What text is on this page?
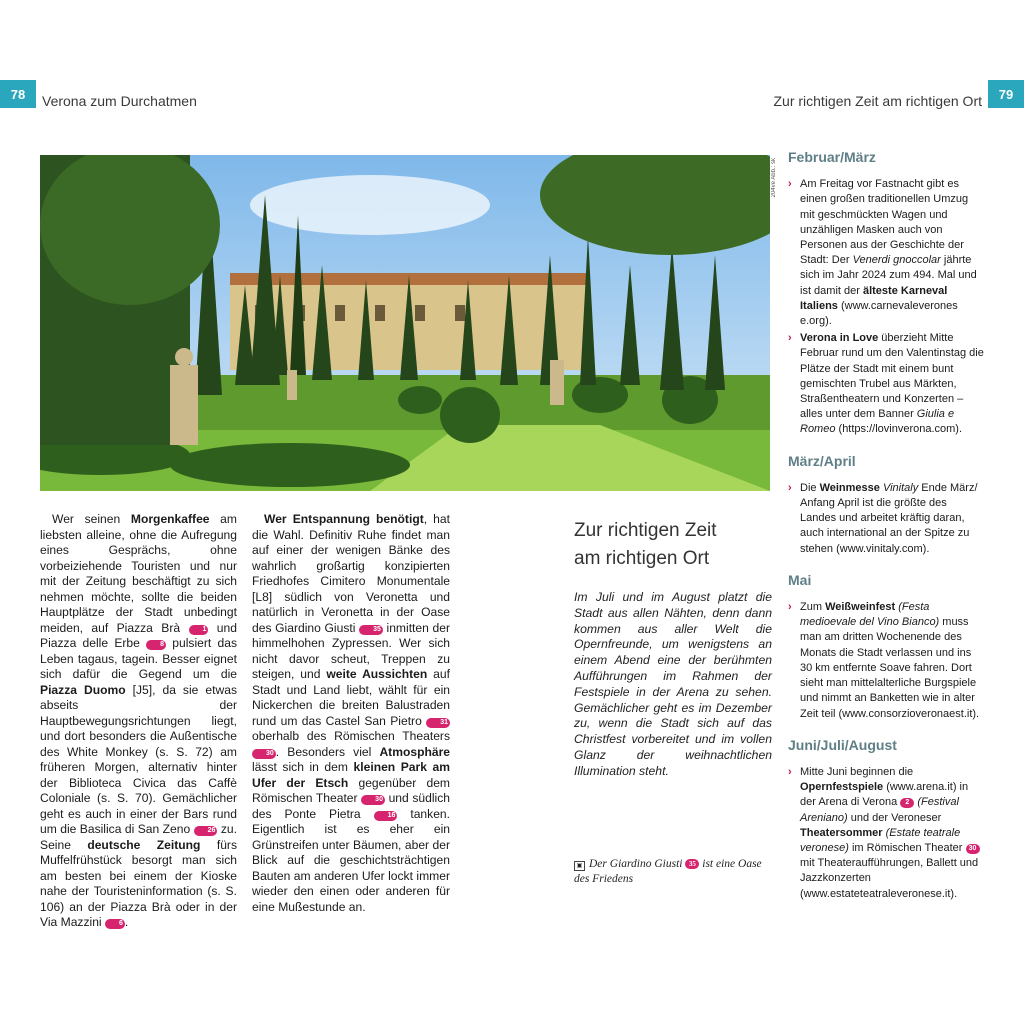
78	Verona zum Durchatmen	Zur richtigen Zeit am richtigen Ort	79
204ve Abb.: sk

Wer seinen Morgenkaffee am liebsten alleine, ohne die Aufregung eines Gesprächs, ohne vorbeiziehende Touristen und nur mit der Zeitung beschäftigt zu sich nehmen möchte, sollte die beiden Hauptplätze der Stadt unbedingt meiden, auf Piazza Brà 1 und Piazza delle Erbe 8 pulsiert das Leben tagaus, tagein. Besser eignet sich dafür die Gegend um die Piazza Duomo [J5], da sie etwas abseits der Hauptbewegungsrichtungen liegt, und dort besonders die Außentische des White Monkey (s. S. 72) am früheren Morgen, alternativ hinter der Biblioteca Civica das Caffè Coloniale (s. S. 70). Gemächlicher geht es auch in einer der Bars rund um die Basilica di San Zeno 26 zu. Seine deutsche Zeitung fürs Muffelfrühstück besorgt man sich am besten bei einem der Kioske nahe der Touristeninformation (s. S. 106) an der Piazza Brà oder in der Via Mazzini 6 .

Wer Entspannung benötigt, hat die Wahl. Definitiv Ruhe findet man auf einer der wenigen Bänke des wahrlich großartig konzipierten Friedhofes Cimitero Monumentale [L8] südlich von Veronetta und natürlich in Veronetta in der Oase des Giardino Giusti 35 inmitten der himmelhohen Zypressen. Wer sich nicht davor scheut, Treppen zu steigen, und weite Aussichten auf Stadt und Land liebt, wählt für ein Nickerchen die breiten Balustraden rund um das Castel San Pietro 31 oberhalb des Römischen Theaters 30 . Besonders viel Atmosphäre lässt sich in dem kleinen Park am Ufer der Etsch gegenüber dem Römischen Theater 30 und südlich des Ponte Pietra 16 tanken. Eigentlich ist es eher ein Grünstreifen unter Bäumen, aber der Blick auf die geschichtsträchtigen Bauten am anderen Ufer lockt immer wieder den einen oder anderen für eine Mußestunde an.

Zur richtigen Zeit
am richtigen Ort
Im Juli und im August platzt die Stadt aus allen Nähten, denn dann kommen aus aller Welt die Opernfreunde, um wenigstens an einem Abend eine der berühmten Aufführungen im Rahmen der Festspiele in der Arena zu sehen. Gemächlicher geht es im Dezember zu, wenn die Stadt sich auf das Christfest vorbereitet und im vollen Glanz der weihnachtlichen Illumination steht.
▣ Der Giardino Giusti 35 ist eine Oase des Friedens
Februar/März
› Am Freitag vor Fastnacht gibt es einen großen traditionellen Umzug mit geschmückten Wagen und unzähligen Masken auch von Personen aus der Geschichte der Stadt: Der Venerdi gnoccolar jährte sich im Jahr 2024 zum 494. Mal und ist damit der älteste Karneval Italiens (www.carnevaleverones e.org).
› Verona in Love überzieht Mitte Februar rund um den Valentinstag die Plätze der Stadt mit einem bunt gemischten Trubel aus Märkten, Straßentheatern und Konzerten – alles unter dem Banner Giulia e Romeo (https://lovinverona.com).
März/April
› Die Weinmesse Vinitaly Ende März/ Anfang April ist die größte des Landes und arbeitet kräftig daran, auch international an der Spitze zu stehen (www.vinitaly.com).
Mai
› Zum Weißweinfest (Festa medioevale del Vino Bianco) muss man am dritten Wochenende des Monats die Stadt verlassen und ins 30 km entfernte Soave fahren. Dort sieht man mittelalterliche Burgspiele und nimmt an Banketten wie in alter Zeit teil (www.consorzioveronaest.it).
Juni/Juli/August
› Mitte Juni beginnen die Opernfestspiele (www.arena.it) in der Arena di Verona 2 (Festival Areniano) und der Veroneser Theatersommer (Estate teatrale veronese) im Römischen Theater 30 mit Theateraufführungen, Ballett und Jazzkonzerten (www.estateteatraleveronese.it).
